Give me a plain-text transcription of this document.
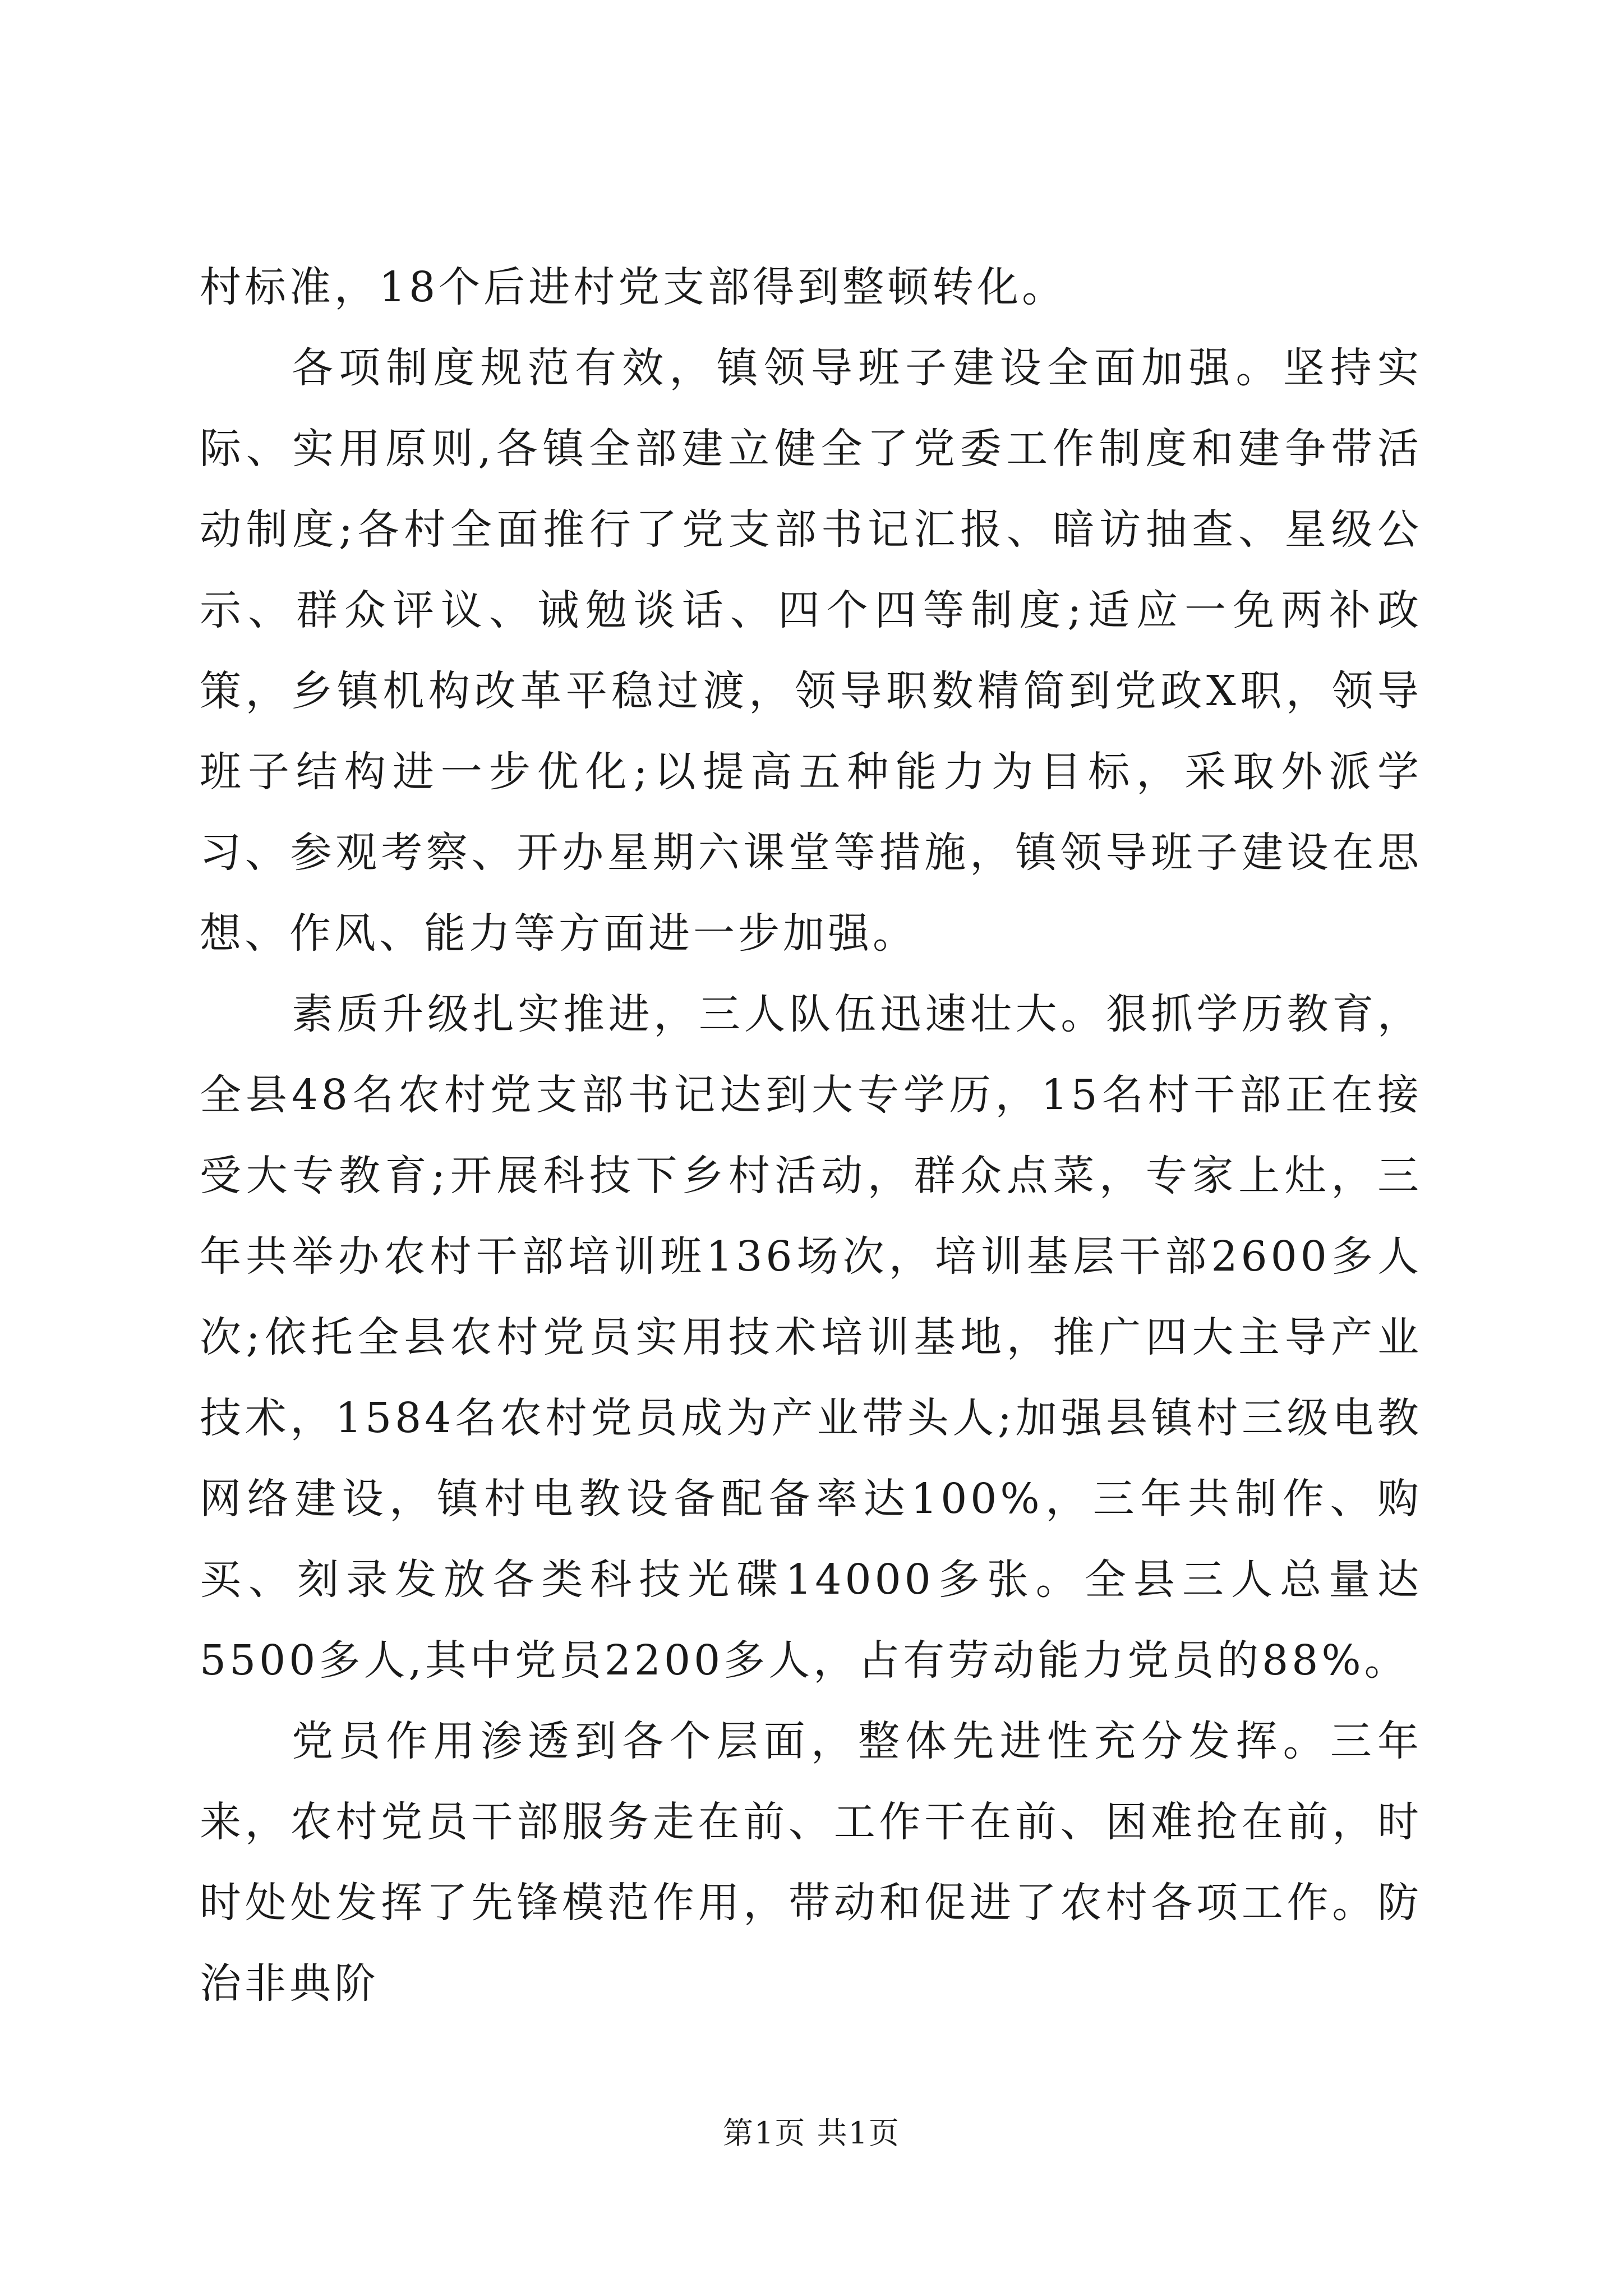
村标准，18个后进村党支部得到整顿转化。

各项制度规范有效，镇领导班子建设全面加强。坚持实际、实用原则,各镇全部建立健全了党委工作制度和建争带活动制度;各村全面推行了党支部书记汇报、暗访抽查、星级公示、群众评议、诫勉谈话、四个四等制度;适应一免两补政策，乡镇机构改革平稳过渡，领导职数精简到党政X职，领导班子结构进一步优化;以提高五种能力为目标，采取外派学习、参观考察、开办星期六课堂等措施，镇领导班子建设在思想、作风、能力等方面进一步加强。

素质升级扎实推进，三人队伍迅速壮大。狠抓学历教育，全县48名农村党支部书记达到大专学历，15名村干部正在接受大专教育;开展科技下乡村活动，群众点菜，专家上灶，三年共举办农村干部培训班136场次，培训基层干部2600多人次;依托全县农村党员实用技术培训基地，推广四大主导产业技术，1584名农村党员成为产业带头人;加强县镇村三级电教网络建设，镇村电教设备配备率达100%，三年共制作、购买、刻录发放各类科技光碟14000多张。全县三人总量达5500多人,其中党员2200多人，占有劳动能力党员的88%。

党员作用渗透到各个层面，整体先进性充分发挥。三年来，农村党员干部服务走在前、工作干在前、困难抢在前，时时处处发挥了先锋模范作用，带动和促进了农村各项工作。防治非典阶

第1页 共1页
